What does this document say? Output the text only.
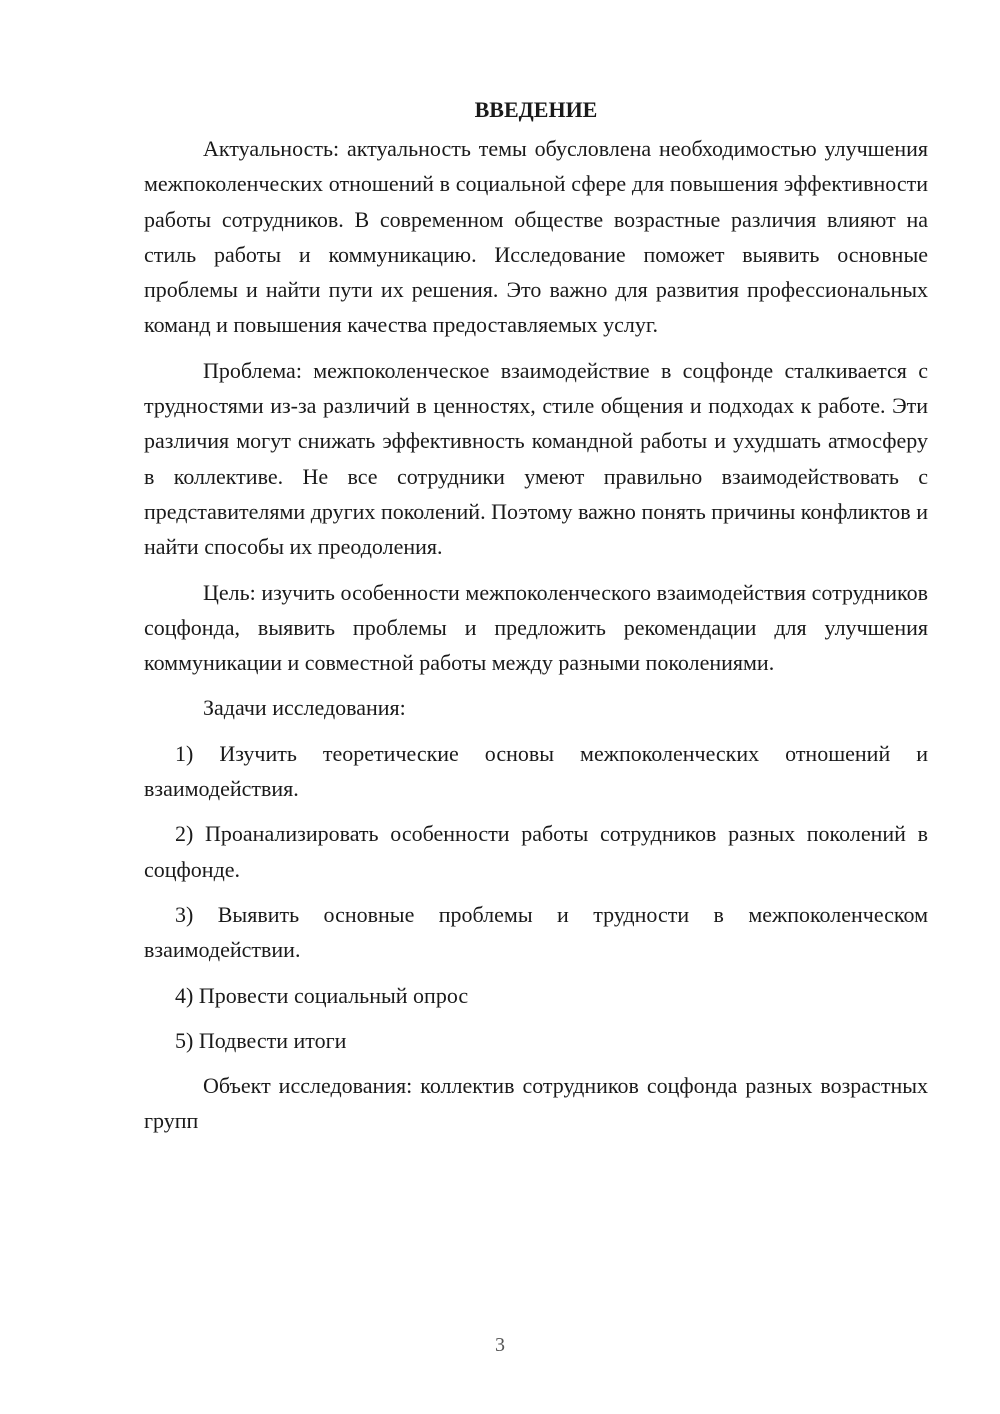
ВВЕДЕНИЕ

Актуальность: актуальность темы обусловлена необходимостью улучшения межпоколенческих отношений в социальной сфере для повышения эффективности работы сотрудников. В современном обществе возрастные различия влияют на стиль работы и коммуникацию. Исследование поможет выявить основные проблемы и найти пути их решения. Это важно для развития профессиональных команд и повышения качества предоставляемых услуг.

Проблема: межпоколенческое взаимодействие в соцфонде сталкивается с трудностями из-за различий в ценностях, стиле общения и подходах к работе. Эти различия могут снижать эффективность командной работы и ухудшать атмосферу в коллективе. Не все сотрудники умеют правильно взаимодействовать с представителями других поколений. Поэтому важно понять причины конфликтов и найти способы их преодоления.

Цель: изучить особенности межпоколенческого взаимодействия сотрудников соцфонда, выявить проблемы и предложить рекомендации для улучшения коммуникации и совместной работы между разными поколениями.

Задачи исследования:

1) Изучить теоретические основы межпоколенческих отношений и взаимодействия.

2) Проанализировать особенности работы сотрудников разных поколений в соцфонде.

3) Выявить основные проблемы и трудности в межпоколенческом взаимодействии.

4) Провести социальный опрос

5) Подвести итоги

Объект исследования: коллектив сотрудников соцфонда разных возрастных групп

3
